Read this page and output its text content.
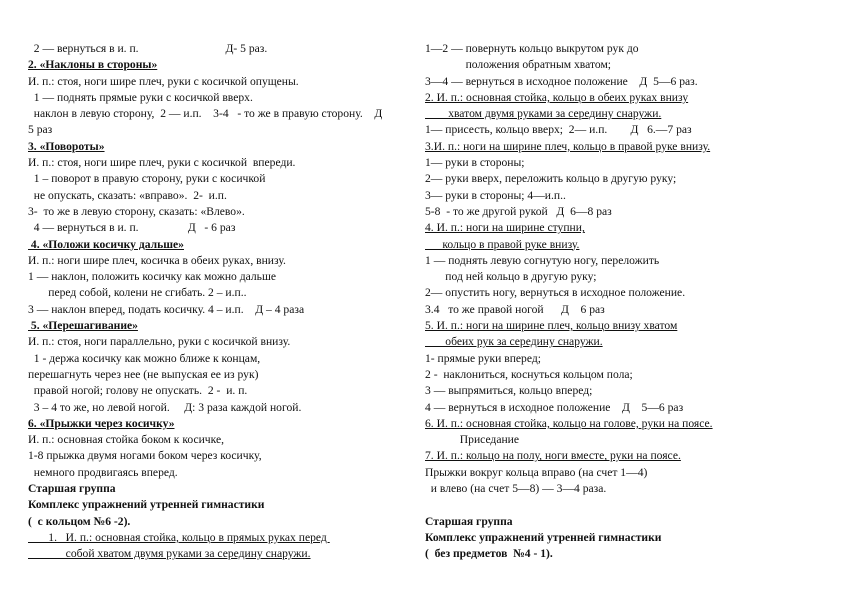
2 — вернуться в и. п.                              Д- 5 раз.
2. «Наклоны в стороны»
И. п.: стоя, ноги шире плеч, руки с косичкой опущены.
1 — поднять прямые руки с косичкой вверх.
наклон в левую сторону,  2 — и.п.    3-4   - то же в правую сторону.    Д
5 раз
3. «Повороты»
И. п.: стоя, ноги шире плеч, руки с косичкой  впереди.
1 – поворот в правую сторону, руки с косичкой
не опускать, сказать: «вправо».  2-  и.п.
3-  то же в левую сторону, сказать: «Влево».
4 — вернуться в и. п.                 Д   - 6 раз
4. «Положи косичку дальше»
И. п.: ноги шире плеч, косичка в обеих руках, внизу.
1 — наклон, положить косичку как можно дальше
перед собой, колени не сгибать. 2 – и.п..
3 — наклон вперед, подать косичку. 4 – и.п.    Д – 4 раза
5. «Перешагивание»
И. п.: стоя, ноги параллельно, руки с косичкой внизу.
1 - держа косичку как можно ближе к концам,
перешагнуть через нее (не выпуская ее из рук)
правой ногой; голову не опускать.  2 -  и. п.
3 – 4 то же, но левой ногой.     Д: 3 раза каждой ногой.
6. «Прыжки через косичку»
И. п.: основная стойка боком к косичке,
1-8 прыжка двумя ногами боком через косичку,
немного продвигаясь вперед.
Старшая группа
Комплекс упражнений утренней гимнастики
(  с кольцом №6 -2).
1.   И. п.: основная стойка, кольцо в прямых руках перед
собой хватом двумя руками за середину снаружи.
1—2 — повернуть кольцо выкрутом рук до
положения обратным хватом;
3—4 — вернуться в исходное положение    Д  5—6 раз.
2. И. п.: основная стойка, кольцо в обеих руках внизу
хватом двумя руками за середину снаружи.
1— присесть, кольцо вверх;  2— и.п.        Д   6.—7 раз
3.И. п.: ноги на ширине плеч, кольцо в правой руке внизу.
1— руки в стороны;
2— руки вверх, переложить кольцо в другую руку;
3— руки в стороны; 4—и.п..
5-8  - то же другой рукой   Д  6—8 раз
4. И. п.: ноги на ширине ступни,
кольцо в правой руке внизу.
1 — поднять левую согнутую ногу, переложить
под ней кольцо в другую руку;
2— опустить ногу, вернуться в исходное положение.
3.4   то же правой ногой      Д    6 раз
5. И. п.: ноги на ширине плеч, кольцо внизу хватом
обеих рук за середину снаружи.
1- прямые руки вперед;
2 -  наклониться, коснуться кольцом пола;
3 — выпрямиться, кольцо вперед;
4 — вернуться в исходное положение    Д    5—6 раз
6. И. п.: основная стойка, кольцо на голове, руки на поясе.
Приседание
7. И. п.: кольцо на полу, ноги вместе, руки на поясе.
Прыжки вокруг кольца вправо (на счет 1—4)
и влево (на счет 5—8) — 3—4 раза.
Старшая группа
Комплекс упражнений утренней гимнастики
(  без предметов  №4 - 1).
